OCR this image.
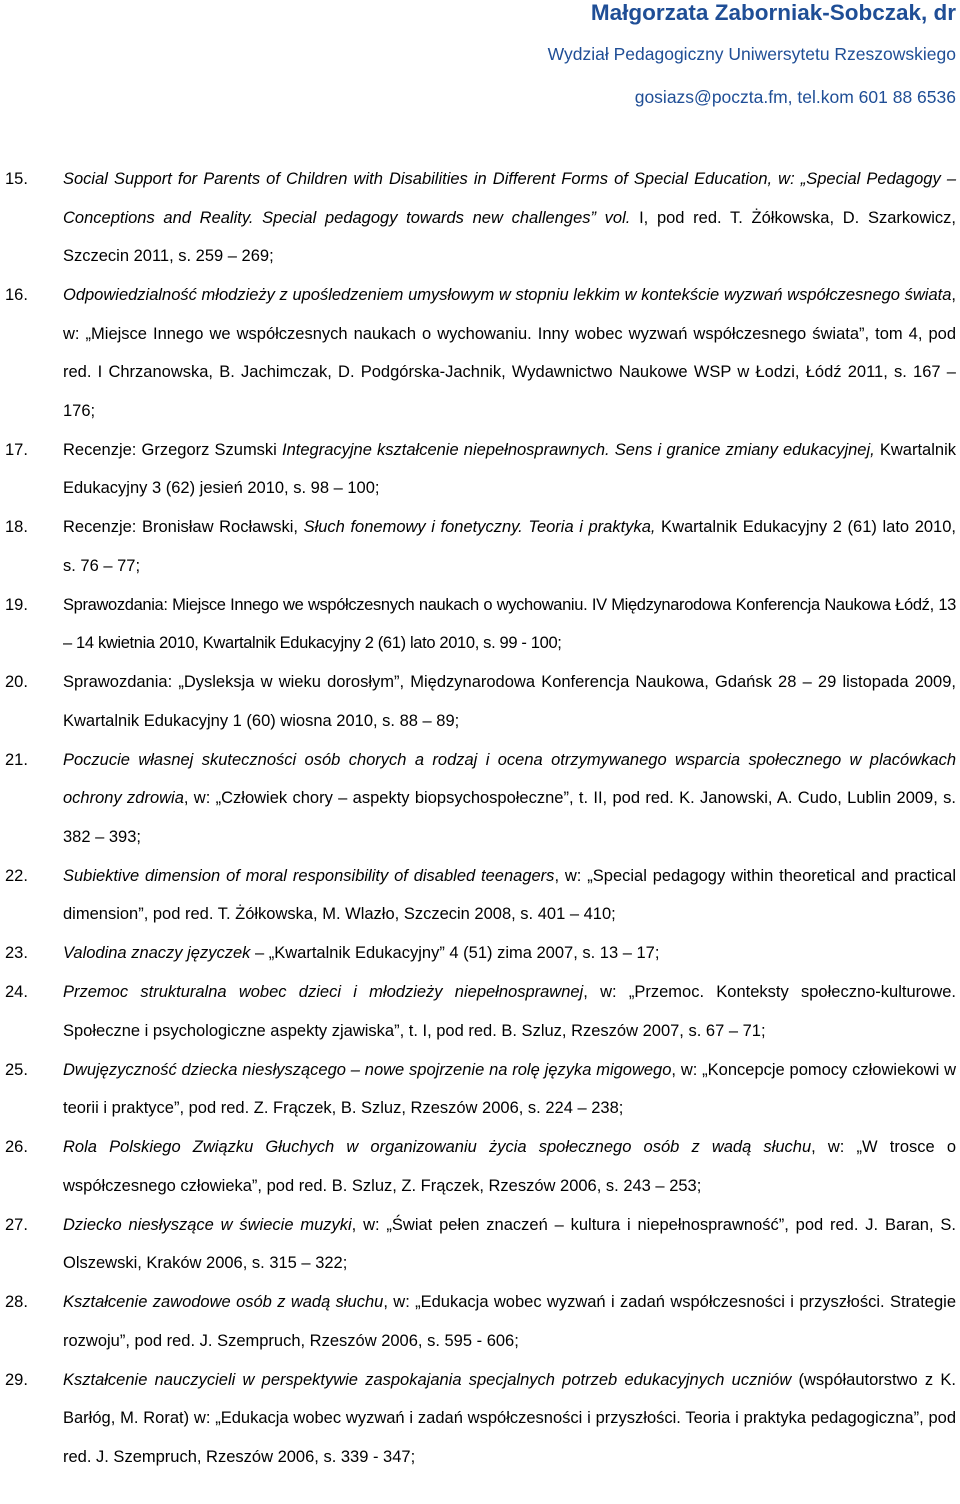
Małgorzata Zaborniak-Sobczak, dr
Wydział Pedagogiczny Uniwersytetu Rzeszowskiego
gosiazs@poczta.fm, tel.kom 601 88 6536
15. Social Support for Parents of Children with Disabilities in Different Forms of Special Education, w: „Special Pedagogy – Conceptions and Reality. Special pedagogy towards new challenges” vol. I, pod red. T. Żółkowska, D. Szarkowicz, Szczecin 2011, s. 259 – 269;
16. Odpowiedzialność młodzieży z upośledzeniem umysłowym w stopniu lekkim w kontekście wyzwań współczesnego świata, w: „Miejsce Innego we współczesnych naukach o wychowaniu. Inny wobec wyzwań współczesnego świata”, tom 4, pod red. I Chrzanowska, B. Jachimczak, D. Podgórska-Jachnik, Wydawnictwo Naukowe WSP w Łodzi, Łódź 2011, s. 167 – 176;
17. Recenzje: Grzegorz Szumski Integracyjne kształcenie niepełnosprawnych. Sens i granice zmiany edukacyjnej, Kwartalnik Edukacyjny 3 (62) jesień 2010, s. 98 – 100;
18. Recenzje: Bronisław Rocławski, Słuch fonemowy i fonetyczny. Teoria i praktyka, Kwartalnik Edukacyjny 2 (61) lato 2010, s. 76 – 77;
19. Sprawozdania: Miejsce Innego we współczesnych naukach o wychowaniu. IV Międzynarodowa Konferencja Naukowa Łódź, 13 – 14 kwietnia 2010, Kwartalnik Edukacyjny 2 (61) lato 2010, s. 99 - 100;
20. Sprawozdania: „Dysleksja w wieku dorosłym”, Międzynarodowa Konferencja Naukowa, Gdańsk 28 – 29 listopada 2009, Kwartalnik Edukacyjny 1 (60) wiosna 2010, s. 88 – 89;
21. Poczucie własnej skuteczności osób chorych a rodzaj i ocena otrzymywanego wsparcia społecznego w placówkach ochrony zdrowia, w: „Człowiek chory – aspekty biopsychospołeczne”, t. II, pod red. K. Janowski, A. Cudo, Lublin 2009, s. 382 – 393;
22. Subiektive dimension of moral responsibility of disabled teenagers, w: „Special pedagogy within theoretical and practical dimension”, pod red. T. Żółkowska, M. Wlazło, Szczecin 2008, s. 401 – 410;
23. Valodina znaczy języczek – „Kwartalnik Edukacyjny” 4 (51) zima 2007, s. 13 – 17;
24. Przemoc strukturalna wobec dzieci i młodzieży niepełnosprawnej, w: „Przemoc. Konteksty społeczno-kulturowe. Społeczne i psychologiczne aspekty zjawiska”, t. I, pod red. B. Szluz, Rzeszów 2007, s. 67 – 71;
25. Dwujęzyczność dziecka niesłyszącego – nowe spojrzenie na rolę języka migowego, w: „Koncepcje pomocy człowiekowi w teorii i praktyce”, pod red. Z. Frączek, B. Szluz, Rzeszów 2006, s. 224 – 238;
26. Rola Polskiego Związku Głuchych w organizowaniu życia społecznego osób z wadą słuchu, w: „W trosce o współczesnego człowieka”, pod red. B. Szluz, Z. Frączek, Rzeszów 2006, s. 243 – 253;
27. Dziecko niesłyszące w świecie muzyki, w: „Świat pełen znaczeń – kultura i niepełnosprawność”, pod red. J. Baran, S. Olszewski, Kraków 2006, s. 315 – 322;
28. Kształcenie zawodowe osób z wadą słuchu, w: „Edukacja wobec wyzwań i zadań współczesności i przyszłości. Strategie rozwoju”, pod red. J. Szempruch, Rzeszów 2006, s. 595 - 606;
29. Kształcenie nauczycieli w perspektywie zaspokajania specjalnych potrzeb edukacyjnych uczniów (współautorstwo z K. Barłóg, M. Rorat) w: „Edukacja wobec wyzwań i zadań współczesności i przyszłości. Teoria i praktyka pedagogiczna”, pod red. J. Szempruch, Rzeszów 2006, s. 339 - 347;
